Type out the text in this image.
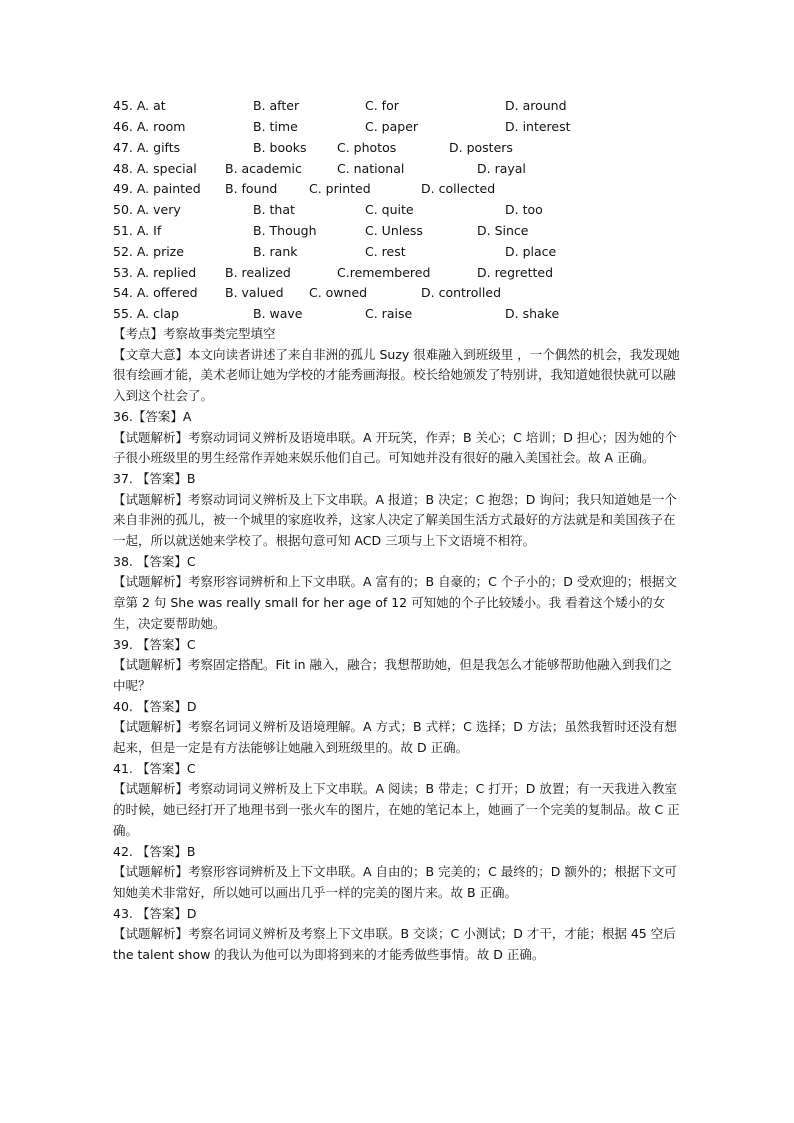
45. A. at	B. after	C. for	D. around
46. A. room	B. time	C. paper	D. interest
47. A. gifts	B. books C. photos	D. posters
48. A. special B. academic	C. national	D. rayal
49. A. painted B. found	C. printed	D. collected
50. A. very	B. that	C. quite	D. too
51. A. If	B. Though	C. Unless	D. Since
52. A. prize	B. rank	C. rest	D. place
53. A. replied B. realized	C.remembered	D. regretted
54. A. offered B. valued C. owned	D. controlled
55. A. clap	B. wave	C. raise	D. shake

【考点】考察故事类完型填空

【文章大意】本文向读者讲述了来自非洲的孤儿 Suzy 很难融入到班级里 ，一个偶然的机会，我发现她很有绘画才能，美术老师让她为学校的才能秀画海报。校长给她颁发了特别讲，我知道她很快就可以融入到这个社会了。

36.【答案】A

【试题解析】考察动词词义辨析及语境串联。A 开玩笑，作弄；B 关心；C 培训；D 担心；因为她的个子很小班级里的男生经常作弄她来娱乐他们自己。可知她并没有很好的融入美国社会。故 A 正确。

37. 【答案】B

【试题解析】考察动词词义辨析及上下文串联。A 报道；B 决定；C 抱怨；D 询问；我只知道她是一个来自非洲的孤儿，被一个城里的家庭收养，这家人决定了解美国生活方式最好的方法就是和美国孩子在一起，所以就送她来学校了。根据句意可知 ACD 三项与上下文语境不相符。

38. 【答案】C

【试题解析】考察形容词辨析和上下文串联。A 富有的；B 自豪的；C 个子小的；D 受欢迎的；根据文章第 2 句 She was really small for her age of 12 可知她的个子比较矮小。我 看着这个矮小的女生，决定要帮助她。

39. 【答案】C

【试题解析】考察固定搭配。Fit in 融入，融合；我想帮助她，但是我怎么才能够帮助他融入到我们之中呢？

40. 【答案】D

【试题解析】考察名词词义辨析及语境理解。A 方式；B 式样；C 选择；D 方法；虽然我暂时还没有想起来，但是一定是有方法能够让她融入到班级里的。故 D 正确。

41. 【答案】C

【试题解析】考察动词词义辨析及上下文串联。A 阅读；B 带走；C 打开；D 放置；有一天我进入教室的时候，她已经打开了地理书到一张火车的图片，在她的笔记本上，她画了一个完美的复制品。故 C 正确。

42. 【答案】B

【试题解析】考察形容词辨析及上下文串联。A 自由的；B 完美的；C 最终的；D 额外的；根据下文可知她美术非常好，所以她可以画出几乎一样的完美的图片来。故 B 正确。

43. 【答案】D

【试题解析】考察名词词义辨析及考察上下文串联。B 交谈；C 小测试；D 才干，才能；根据 45 空后 the talent show 的我认为他可以为即将到来的才能秀做些事情。故 D 正确。
